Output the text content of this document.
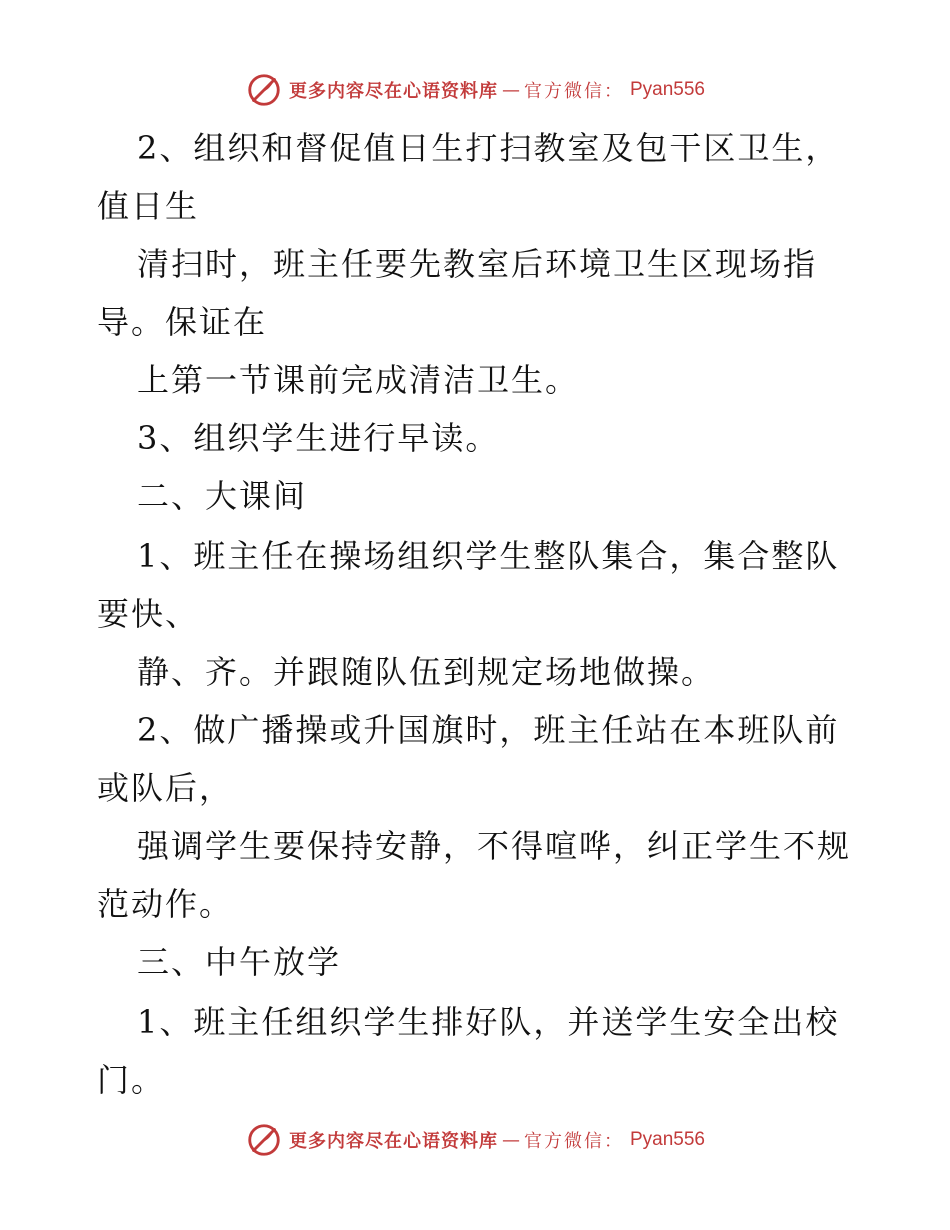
更多内容尽在心语资料库 — 官方微信： Pyan556
2、组织和督促值日生打扫教室及包干区卫生，
值日生
清扫时，班主任要先教室后环境卫生区现场指
导。保证在
上第一节课前完成清洁卫生。
3、组织学生进行早读。
二、大课间
1、班主任在操场组织学生整队集合，集合整队
要快、
静、齐。并跟随队伍到规定场地做操。
2、做广播操或升国旗时，班主任站在本班队前
或队后，
强调学生要保持安静，不得喧哗，纠正学生不规
范动作。
三、中午放学
1、班主任组织学生排好队，并送学生安全出校
门。
更多内容尽在心语资料库 — 官方微信： Pyan556
